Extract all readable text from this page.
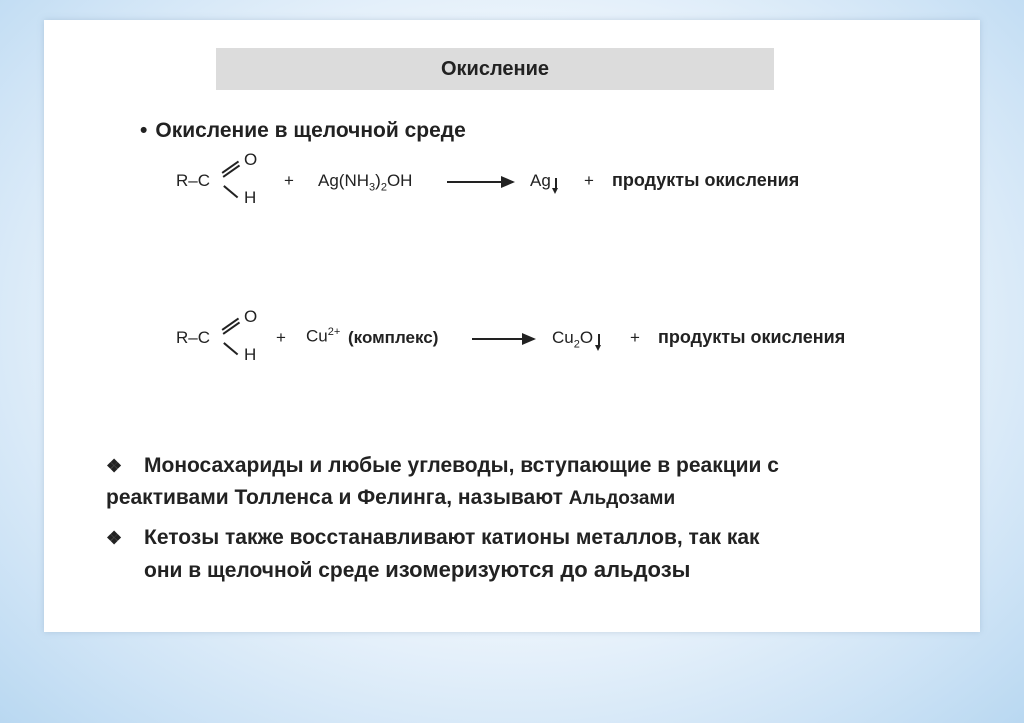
Окисление
• Окисление в щелочной среде
R–C
O
H
+ $Ag(NH_3)_2OH$	Ag + продукты окисления
R–C
O
H
+ $Cu^{2+}$ (комплекс)	$Cu_2O$ + продукты окисления
❖ Моносахариды и любые углеводы, вступающие в реакции с
реактивами Толленса и Фелинга, называют Альдозами
❖ Кетозы также восстанавливают катионы металлов, так как
они в щелочной среде изомеризуются до альдозы
